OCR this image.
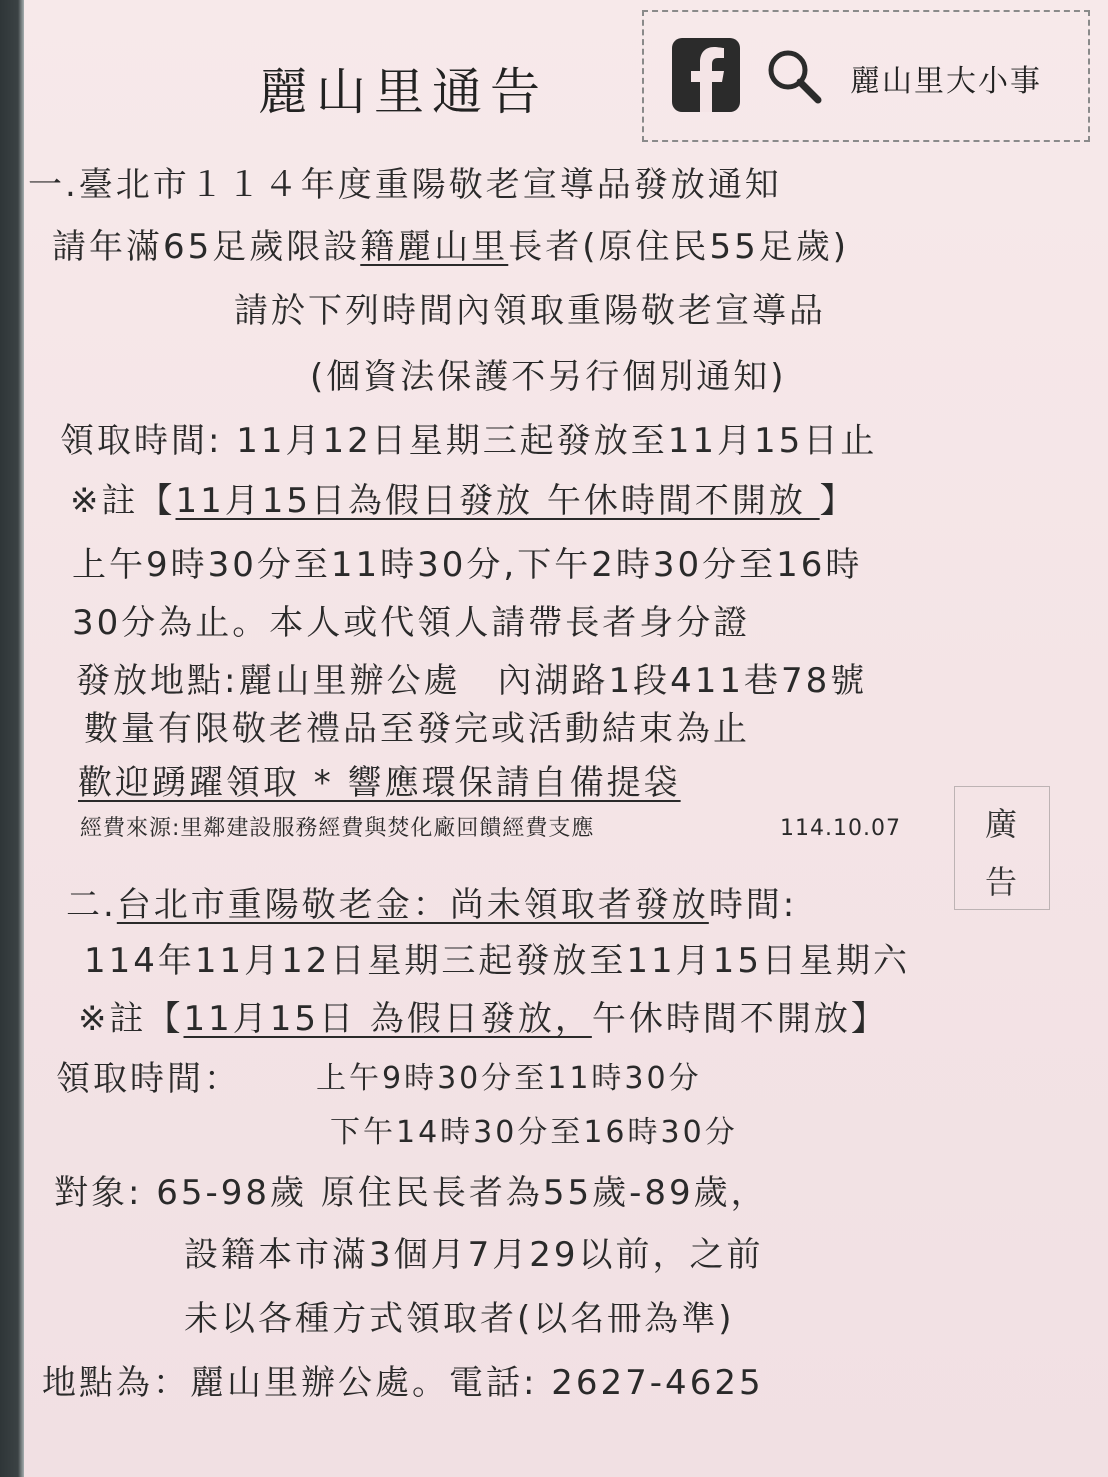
麗山里通告	麗山里大小事
一.臺北市１１４年度重陽敬老宣導品發放通知
請年滿65足歲限設籍麗山里長者(原住民55足歲)
請於下列時間內領取重陽敬老宣導品
(個資法保護不另行個別通知)
領取時間: 11月12日星期三起發放至11月15日止
※註【11月15日為假日發放 午休時間不開放 】
上午9時30分至11時30分,下午2時30分至16時
30分為止。本人或代領人請帶長者身分證
發放地點:麗山里辦公處　內湖路1段411巷78號
數量有限敬老禮品至發完或活動結束為止
歡迎踴躍領取 * 響應環保請自備提袋
經費來源:里鄰建設服務經費與焚化廠回饋經費支應	114.10.07	廣
告
二.台北市重陽敬老金：尚未領取者發放時間:
114年11月12日星期三起發放至11月15日星期六
※註【11月15日 為假日發放，午休時間不開放】
領取時間：	上午9時30分至11時30分
下午14時30分至16時30分
對象: 65-98歲 原住民長者為55歲-89歲，
設籍本市滿3個月7月29以前，之前
未以各種方式領取者(以名冊為準)
地點為：麗山里辦公處。電話: 2627-4625
